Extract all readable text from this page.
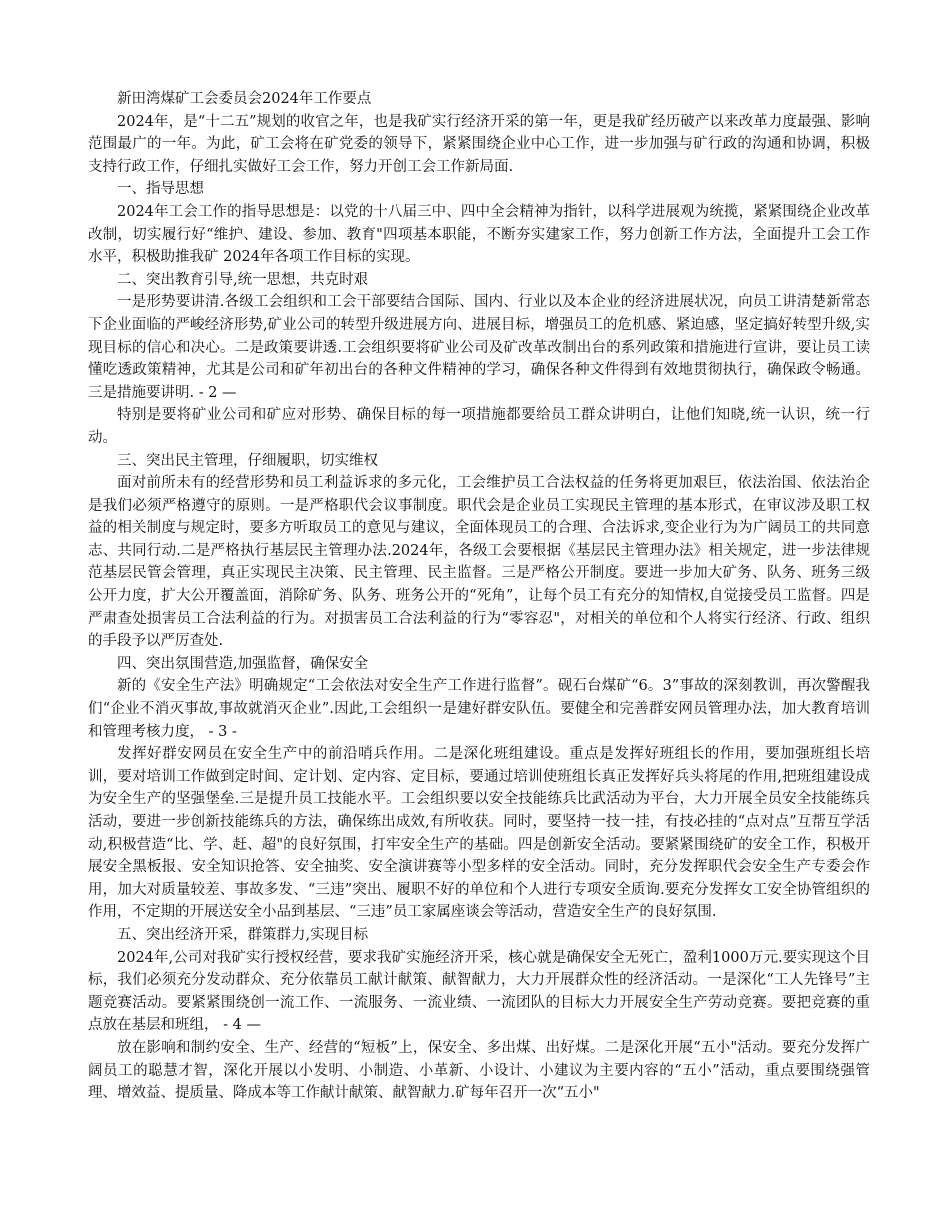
新田湾煤矿工会委员会2024年工作要点

2024年，是“十二五”规划的收官之年，也是我矿实行经济开采的第一年，更是我矿经历破产以来改革力度最强、影响范围最广的一年。为此，矿工会将在矿党委的领导下，紧紧围绕企业中心工作，进一步加强与矿行政的沟通和协调，积极支持行政工作，仔细扎实做好工会工作，努力开创工会工作新局面.

一、指导思想

2024年工会工作的指导思想是：以党的十八届三中、四中全会精神为指针，以科学进展观为统揽，紧紧围绕企业改革改制，切实履行好“维护、建设、参加、教育"四项基本职能，不断夯实建家工作，努力创新工作方法，全面提升工会工作水平，积极助推我矿 2024年各项工作目标的实现。

二、突出教育引导,统一思想，共克时艰

一是形势要讲清.各级工会组织和工会干部要结合国际、国内、行业以及本企业的经济进展状况，向员工讲清楚新常态下企业面临的严峻经济形势,矿业公司的转型升级进展方向、进展目标，增强员工的危机感、紧迫感，坚定搞好转型升级,实现目标的信心和决心。二是政策要讲透.工会组织要将矿业公司及矿改革改制出台的系列政策和措施进行宣讲，要让员工读懂吃透政策精神，尤其是公司和矿年初出台的各种文件精神的学习，确保各种文件得到有效地贯彻执行，确保政令畅通。三是措施要讲明. - 2 —

特别是要将矿业公司和矿应对形势、确保目标的每一项措施都要给员工群众讲明白，让他们知晓,统一认识，统一行动。

三、突出民主管理，仔细履职，切实维权

面对前所未有的经营形势和员工利益诉求的多元化，工会维护员工合法权益的任务将更加艰巨，依法治国、依法治企是我们必须严格遵守的原则。一是严格职代会议事制度。职代会是企业员工实现民主管理的基本形式，在审议涉及职工权益的相关制度与规定时，要多方听取员工的意见与建议，全面体现员工的合理、合法诉求,变企业行为为广阔员工的共同意志、共同行动.二是严格执行基层民主管理办法.2024年，各级工会要根据《基层民主管理办法》相关规定，进一步法律规范基层民管会管理，真正实现民主决策、民主管理、民主监督。三是严格公开制度。要进一步加大矿务、队务、班务三级公开力度，扩大公开覆盖面，消除矿务、队务、班务公开的“死角”，让每个员工有充分的知情权,自觉接受员工监督。四是严肃查处损害员工合法利益的行为。对损害员工合法利益的行为“零容忍"，对相关的单位和个人将实行经济、行政、组织的手段予以严厉查处.

四、突出氛围营造,加强监督，确保安全

新的《安全生产法》明确规定“工会依法对安全生产工作进行监督”。砚石台煤矿“6。3”事故的深刻教训，再次警醒我们“企业不消灭事故,事故就消灭企业”.因此,工会组织一是建好群安队伍。要健全和完善群安网员管理办法，加大教育培训和管理考核力度， - 3 -

发挥好群安网员在安全生产中的前沿哨兵作用。二是深化班组建设。重点是发挥好班组长的作用，要加强班组长培训，要对培训工作做到定时间、定计划、定内容、定目标，要通过培训使班组长真正发挥好兵头将尾的作用,把班组建设成为安全生产的坚强堡垒.三是提升员工技能水平。工会组织要以安全技能练兵比武活动为平台，大力开展全员安全技能练兵活动，要进一步创新技能练兵的方法，确保练出成效,有所收获。同时，要坚持一技一挂，有技必挂的“点对点”互帮互学活动,积极营造“比、学、赶、超"的良好氛围，打牢安全生产的基础。四是创新安全活动。要紧紧围绕矿的安全工作，积极开展安全黑板报、安全知识抢答、安全抽奖、安全演讲赛等小型多样的安全活动。同时，充分发挥职代会安全生产专委会作用，加大对质量较差、事故多发、“三违”突出、履职不好的单位和个人进行专项安全质询.要充分发挥女工安全协管组织的作用，不定期的开展送安全小品到基层、“三违”员工家属座谈会等活动，营造安全生产的良好氛围.

五、突出经济开采，群策群力,实现目标

2024年,公司对我矿实行授权经营，要求我矿实施经济开采，核心就是确保安全无死亡，盈利1000万元.要实现这个目标，我们必须充分发动群众、充分依靠员工献计献策、献智献力，大力开展群众性的经济活动。一是深化“工人先锋号”主题竞赛活动。要紧紧围绕创一流工作、一流服务、一流业绩、一流团队的目标大力开展安全生产劳动竞赛。要把竞赛的重点放在基层和班组， - 4 —

放在影响和制约安全、生产、经营的“短板”上，保安全、多出煤、出好煤。二是深化开展“五小"活动。要充分发挥广阔员工的聪慧才智，深化开展以小发明、小制造、小革新、小设计、小建议为主要内容的“五小”活动，重点要围绕强管理、增效益、提质量、降成本等工作献计献策、献智献力.矿每年召开一次“五小"
